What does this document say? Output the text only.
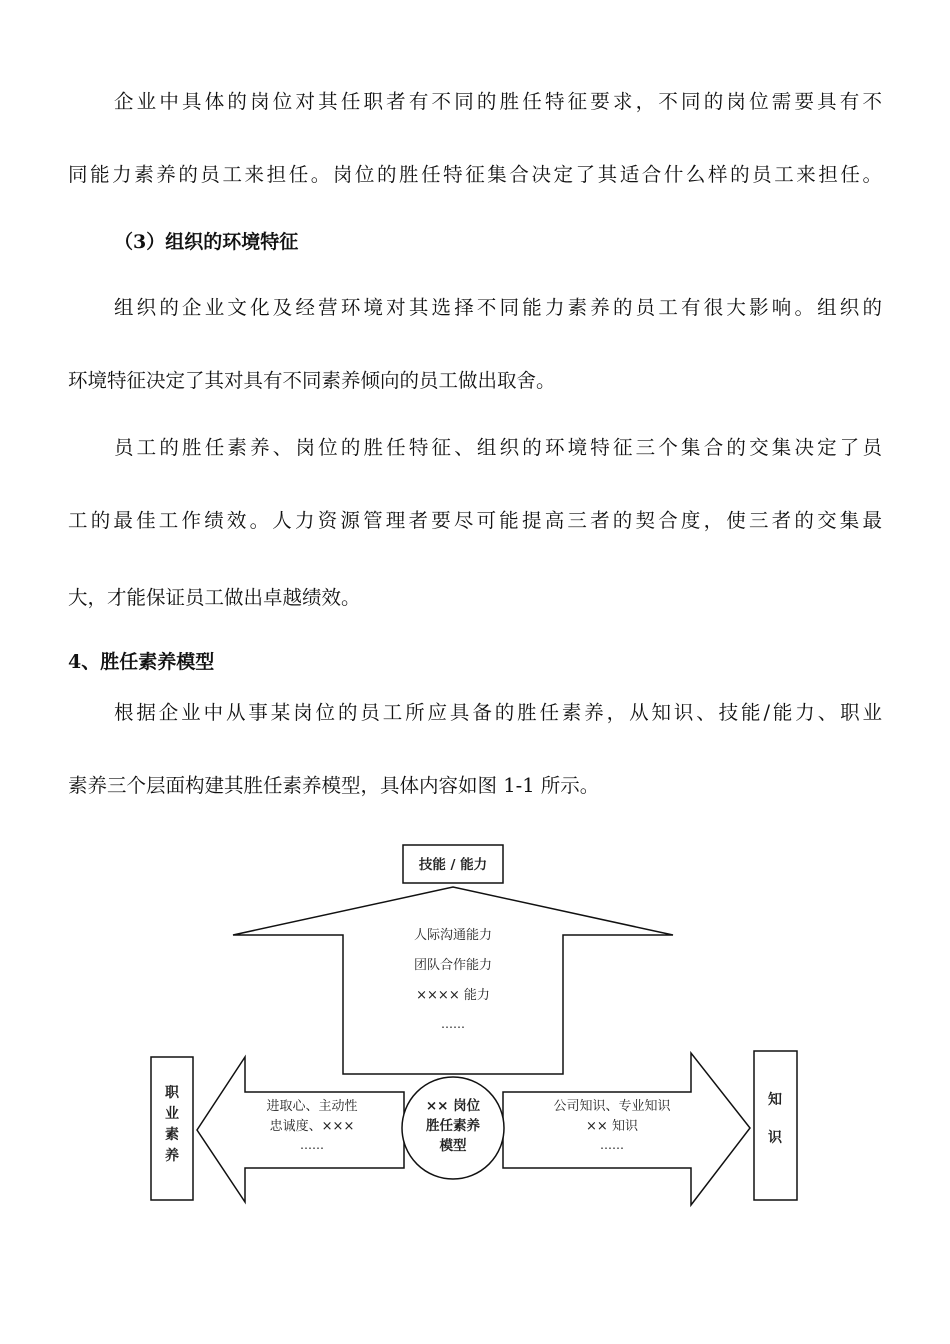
企业中具体的岗位对其任职者有不同的胜任特征要求，不同的岗位需要具有不
同能力素养的员工来担任。岗位的胜任特征集合决定了其适合什么样的员工来担任。
（3）组织的环境特征
组织的企业文化及经营环境对其选择不同能力素养的员工有很大影响。组织的
环境特征决定了其对具有不同素养倾向的员工做出取舍。
员工的胜任素养、岗位的胜任特征、组织的环境特征三个集合的交集决定了员
工的最佳工作绩效。人力资源管理者要尽可能提高三者的契合度，使三者的交集最
大，才能保证员工做出卓越绩效。
4、胜任素养模型
根据企业中从事某岗位的员工所应具备的胜任素养，从知识、技能/能力、职业
素养三个层面构建其胜任素养模型，具体内容如图 1-1 所示。
技能 / 能力
人际沟通能力
团队合作能力
×××× 能力
……
进取心、主动性
忠诚度、×××
……
公司知识、专业知识
×× 知识
……
×× 岗位
胜任素养
模型
职
业
素
养
知
识
